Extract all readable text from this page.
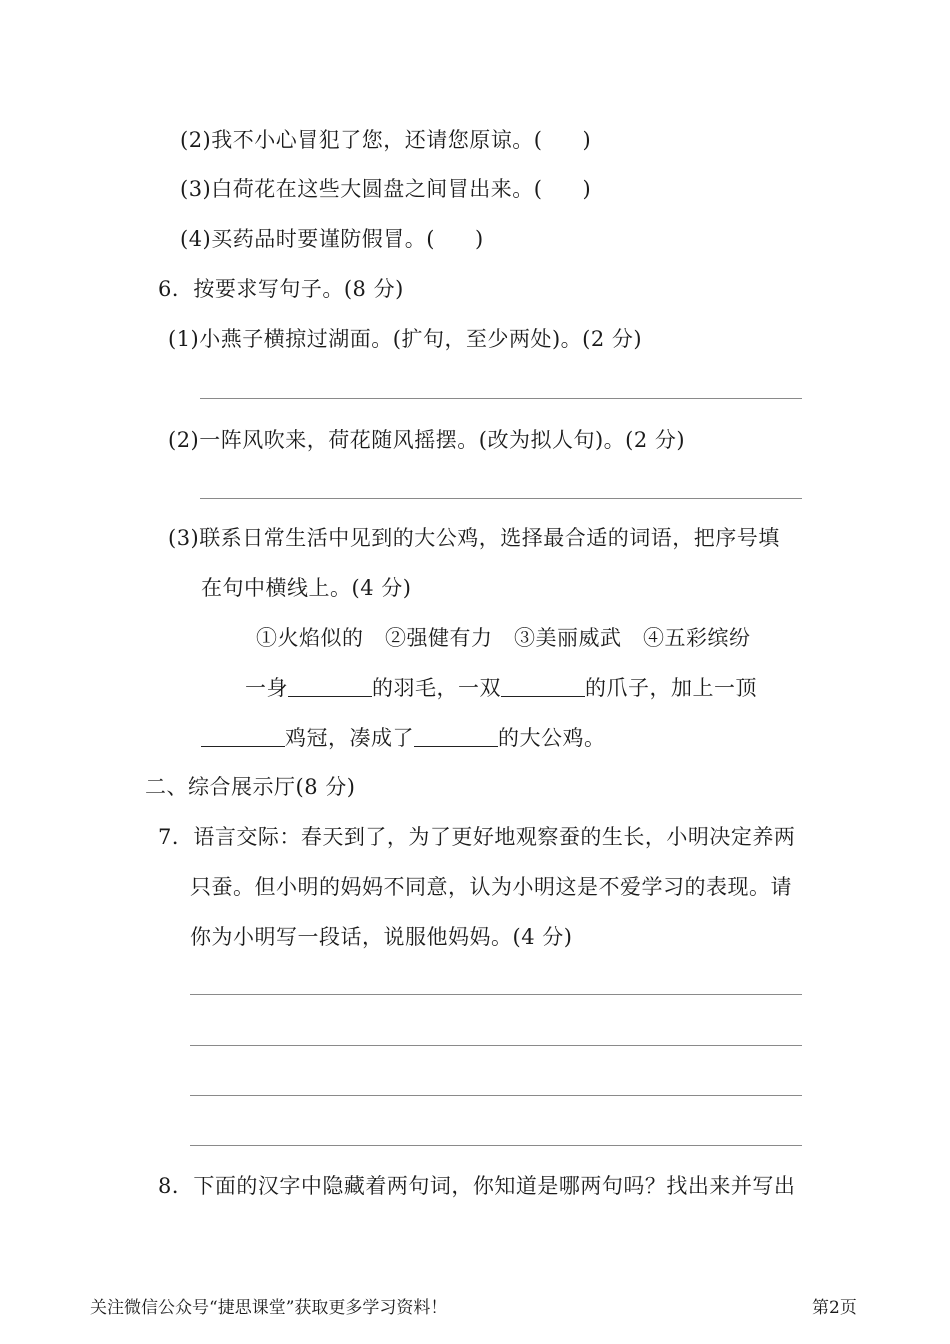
(2)我不小心冒犯了您，还请您原谅。( )
(3)白荷花在这些大圆盘之间冒出来。( )
(4)买药品时要谨防假冒。( )
6．按要求写句子。(8 分)
(1)小燕子横掠过湖面。(扩句，至少两处)。(2 分)
(2)一阵风吹来，荷花随风摇摆。(改为拟人句)。(2 分)
(3)联系日常生活中见到的大公鸡，选择最合适的词语，把序号填
在句中横线上。(4 分)
①火焰似的　②强健有力　③美丽威武　④五彩缤纷
一身	的羽毛，一双	的爪子，加上一顶
鸡冠，凑成了	的大公鸡。
二、综合展示厅(8 分)
7．语言交际：春天到了，为了更好地观察蚕的生长，小明决定养两
只蚕。但小明的妈妈不同意，认为小明这是不爱学习的表现。请
你为小明写一段话，说服他妈妈。(4 分)
8．下面的汉字中隐藏着两句词，你知道是哪两句吗？找出来并写出
关注微信公众号“捷思课堂”获取更多学习资料！	第2页
